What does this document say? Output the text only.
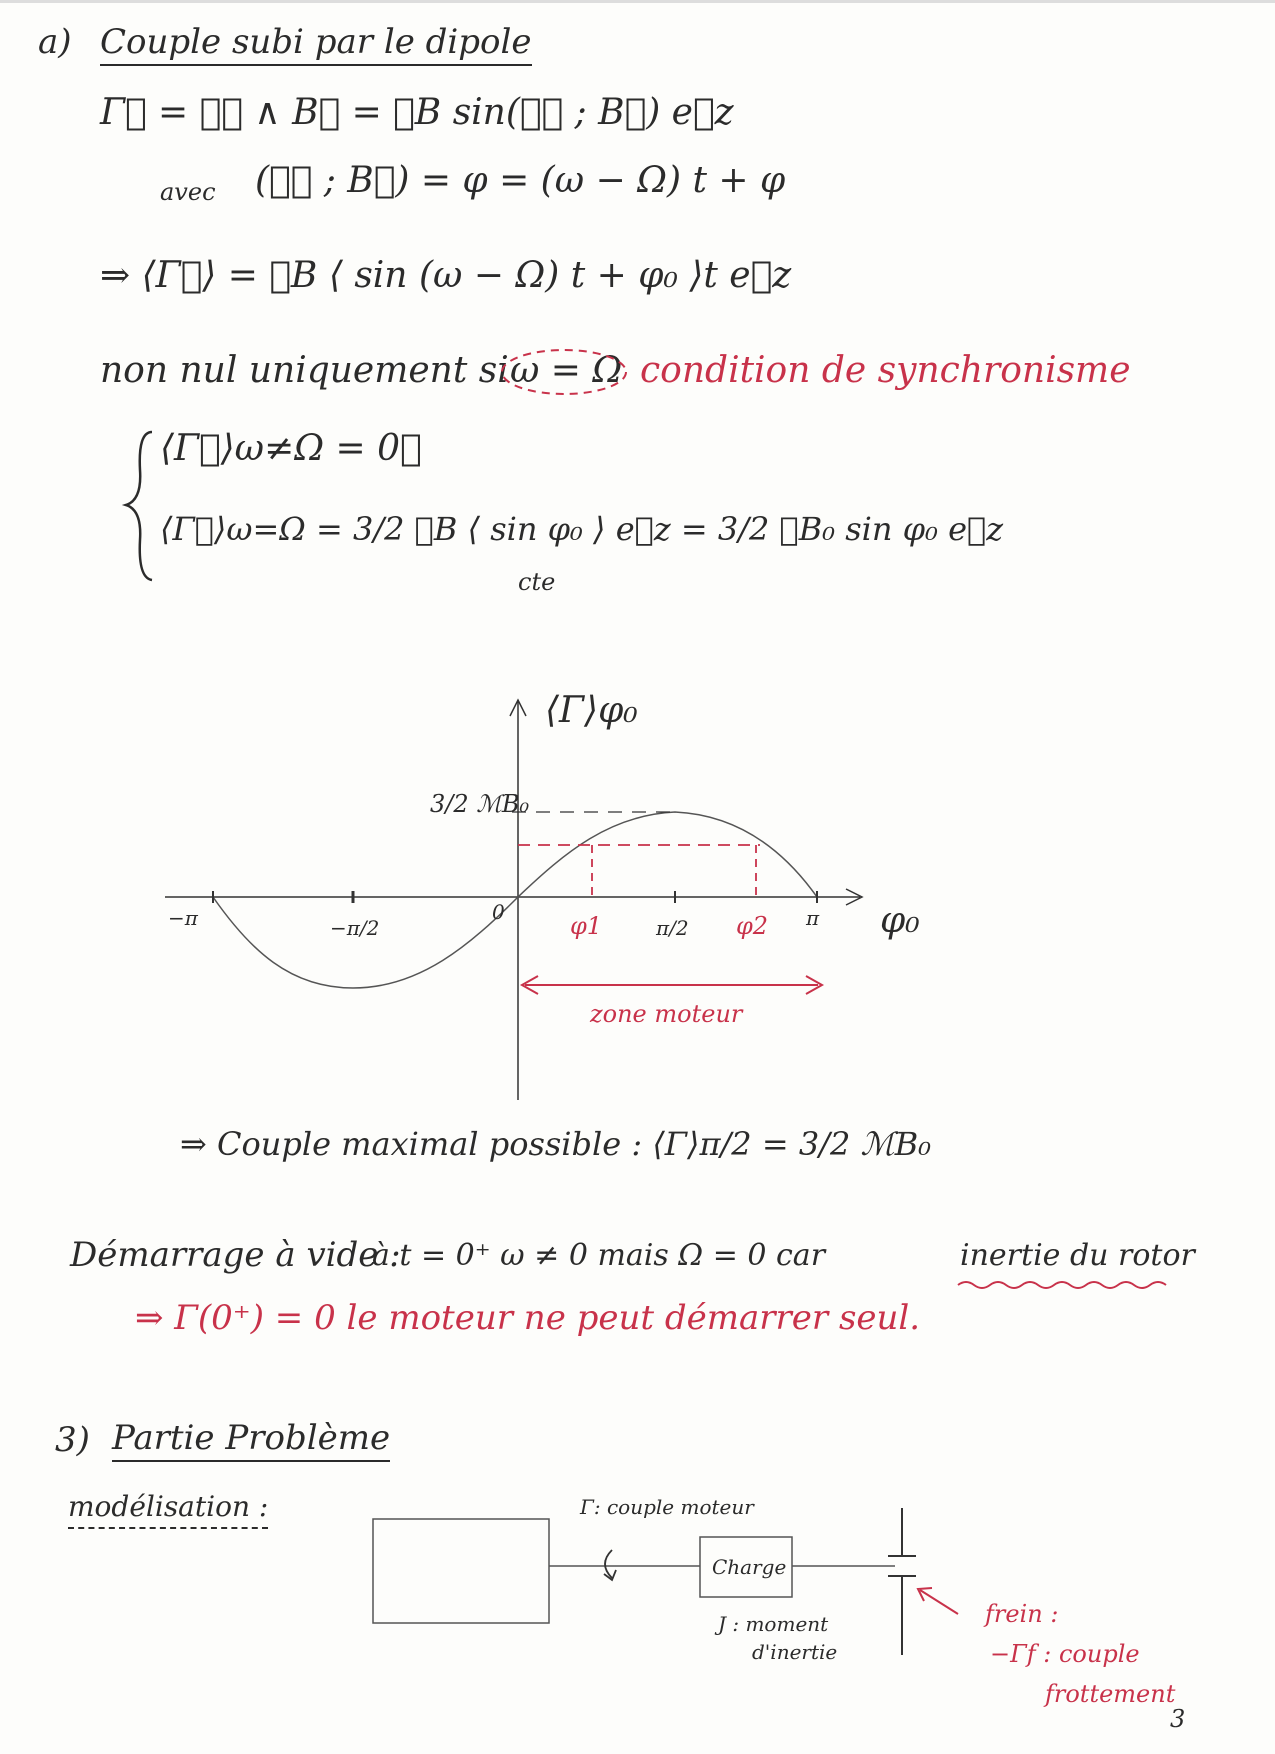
a) Couple subi par le dipole
Γ⃗ = ℳ⃗ ∧ B⃗ = ℳB sin(ℳ⃗ ; B⃗) e⃗z
avec (ℳ⃗ ; B⃗) = φ = (ω − Ω) t + φ
⇒ ⟨Γ⃗⟩ = ℳB ⟨ sin (ω − Ω) t + φ₀ ⟩t e⃗z
non nul uniquement si ω = Ω condition de synchronisme
⟨Γ⃗⟩ω≠Ω = 0⃗
⟨Γ⃗⟩ω=Ω = 3/2 ℳB ⟨ sin φ₀ ⟩ e⃗z = 3/2 ℳB₀ sin φ₀ e⃗z
cte
⟨Γ⟩φ₀
3/2 ℳB₀
0
−π	−π/2	π/2	π
φ1	φ2	φ₀
zone moteur
⇒ Couple maximal possible : ⟨Γ⟩π/2 = 3/2 ℳB₀
Démarrage à vide :
à t = 0⁺ ω ≠ 0 mais Ω = 0 car	inertie du rotor
⇒ Γ(0⁺) = 0 le moteur ne peut démarrer seul.
3) Partie Problème
modélisation :	Γ: couple moteur
Charge
J : moment
d'inertie
frein :
−Γf : couple
frottement
3
